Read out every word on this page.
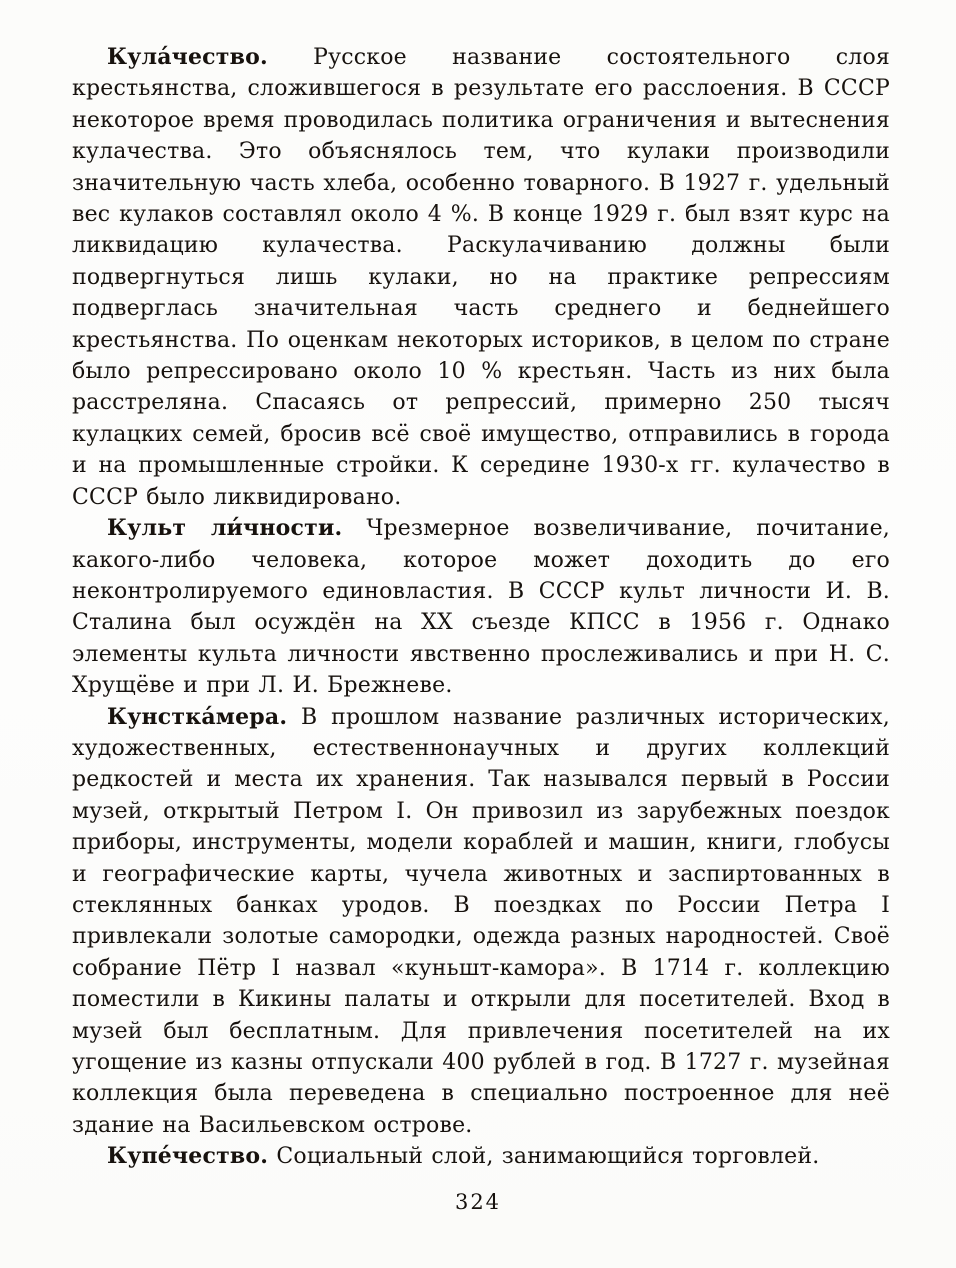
Кула́чество. Русское название состоятельного слоя крестьянства, сложившегося в результате его расслоения. В СССР некоторое время проводилась политика ограничения и вытеснения кулачества. Это объяснялось тем, что кулаки производили значительную часть хлеба, особенно товарного. В 1927 г. удельный вес кулаков составлял около 4 %. В конце 1929 г. был взят курс на ликвидацию кулачества. Раскулачиванию должны были подвергнуться лишь кулаки, но на практике репрессиям подверглась значительная часть среднего и беднейшего крестьянства. По оценкам некоторых историков, в целом по стране было репрессировано около 10 % крестьян. Часть из них была расстреляна. Спасаясь от репрессий, примерно 250 тысяч кулацких семей, бросив всё своё имущество, отправились в города и на промышленные стройки. К середине 1930-х гг. кулачество в СССР было ликвидировано.

Культ ли́чности. Чрезмерное возвеличивание, почитание, какого-либо человека, которое может доходить до его неконтролируемого единовластия. В СССР культ личности И. В. Сталина был осуждён на XX съезде КПСС в 1956 г. Однако элементы культа личности явственно прослеживались и при Н. С. Хрущёве и при Л. И. Брежневе.

Кунстка́мера. В прошлом название различных исторических, художественных, естественнонаучных и других коллекций редкостей и места их хранения. Так назывался первый в России музей, открытый Петром I. Он привозил из зарубежных поездок приборы, инструменты, модели кораблей и машин, книги, глобусы и географические карты, чучела животных и заспиртованных в стеклянных банках уродов. В поездках по России Петра I привлекали золотые самородки, одежда разных народностей. Своё собрание Пётр I назвал «куньшт-камора». В 1714 г. коллекцию поместили в Кикины палаты и открыли для посетителей. Вход в музей был бесплатным. Для привлечения посетителей на их угощение из казны отпускали 400 рублей в год. В 1727 г. музейная коллекция была переведена в специально построенное для неё здание на Васильевском острове.

Купе́чество. Социальный слой, занимающийся торговлей.

324
